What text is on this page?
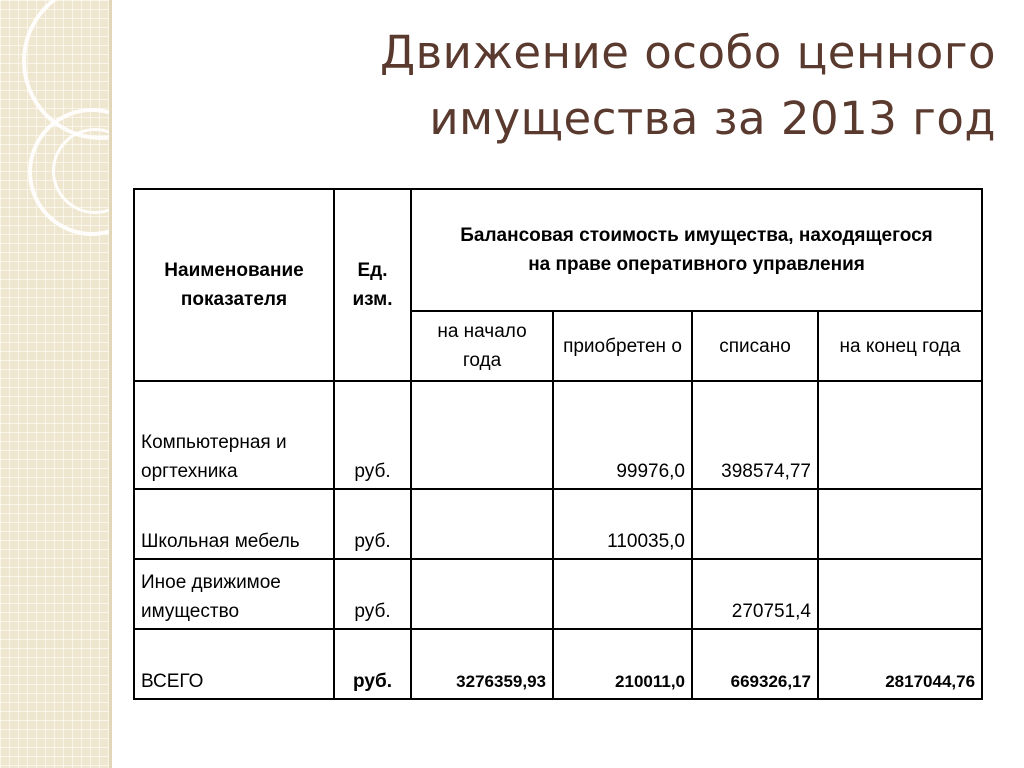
Движение особо ценного
имущества за 2013 год
Наименование показателя	Ед. изм.	Балансовая стоимость имущества, находящегося на праве оперативного управления			
		на начало года	приобретен о	списано	на конец года
Компьютерная и оргтехника	руб.		99976,0	398574,77	
Школьная мебель	руб.		110035,0		
Иное движимое имущество	руб.			270751,4	
ВСЕГО	руб.	3276359,93	210011,0	669326,17	2817044,76
